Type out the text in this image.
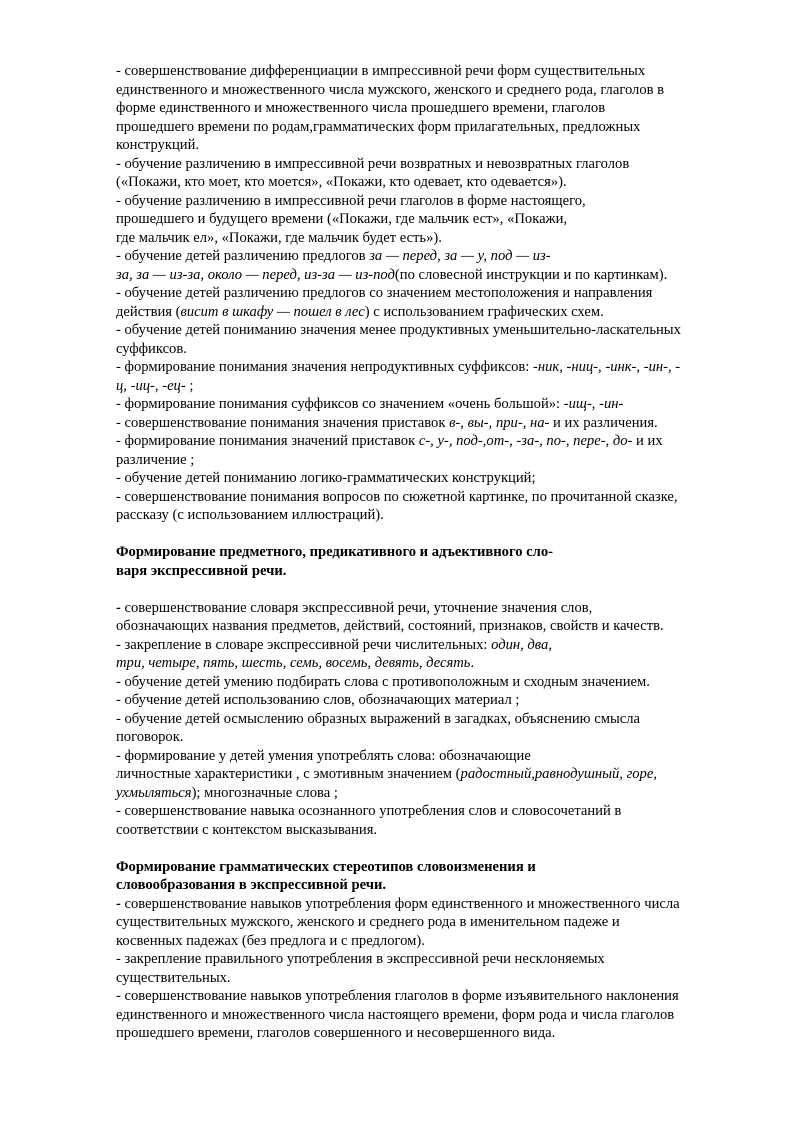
- совершенствование дифференциации в импрессивной речи форм существительных

единственного и множественного числа мужского, женского и среднего рода, глаголов в

форме единственного и множественного числа прошедшего времени, глаголов

прошедшего времени по родам,грамматических форм прилагательных, предложных

конструкций.

- обучение различению в импрессивной речи возвратных и невозвратных глаголов

(«Покажи, кто моет, кто моется», «Покажи, кто одевает, кто одевается»).

- обучение различению в импрессивной речи глаголов в форме настоящего,

прошедшего и будущего времени («Покажи, где мальчик ест», «Покажи,

где мальчик ел», «Покажи, где мальчик будет есть»).

- обучение детей различению предлогов за — перед, за — у, под — из-

за, за — из-за, около — перед, из-за — из-под(по словесной инструкции и по картинкам).

- обучение детей различению предлогов со значением местоположения и направления

действия (висит в шкафу — пошел в лес) с использованием графических схем.

- обучение детей пониманию значения менее продуктивных уменьшительно-ласкательных

суффиксов.

- формирование понимания значения непродуктивных суффиксов: -ник, -ниц-, -инк-, -ин-, -

ц, -иц-, -ец- ;

- формирование понимания суффиксов со значением «очень большой»: -ищ-, -ин-

- совершенствование понимания значения приставок в-, вы-, при-, на- и их различения.

- формирование понимания значений приставок с-, у-, под-,от-, -за-, по-, пере-, до- и их

различение ;

- обучение детей пониманию логико-грамматических конструкций;

- совершенствование понимания вопросов по сюжетной картинке, по прочитанной сказке,

рассказу (с использованием иллюстраций).

Формирование предметного, предикативного и адъективного сло-

варя экспрессивной речи.

- совершенствование словаря экспрессивной речи, уточнение значения слов,

обозначающих названия предметов, действий, состояний, признаков, свойств и качеств.

- закрепление в словаре экспрессивной речи числительных: один, два,

три, четыре, пять, шесть, семь, восемь, девять, десять.

- обучение детей умению подбирать слова с противоположным и сходным значением.

- обучение детей использованию слов, обозначающих материал ;

- обучение детей осмыслению образных выражений в загадках, объяснению смысла

поговорок.

- формирование у детей умения употреблять слова: обозначающие

личностные характеристики , с эмотивным значением (радостный,равнодушный, горе,

ухмыляться); многозначные слова ;

- совершенствование навыка осознанного употребления слов и словосочетаний в

соответствии с контекстом высказывания.

Формирование грамматических стереотипов словоизменения и

словообразования в экспрессивной речи.

- совершенствование навыков употребления форм единственного и множественного числа

существительных мужского, женского и среднего рода в именительном падеже и

косвенных падежах (без предлога и с предлогом).

- закрепление правильного употребления в экспрессивной речи несклоняемых

существительных.

- совершенствование навыков употребления глаголов в форме изъявительного наклонения

единственного и множественного числа настоящего времени, форм рода и числа глаголов

прошедшего времени, глаголов совершенного и несовершенного вида.
